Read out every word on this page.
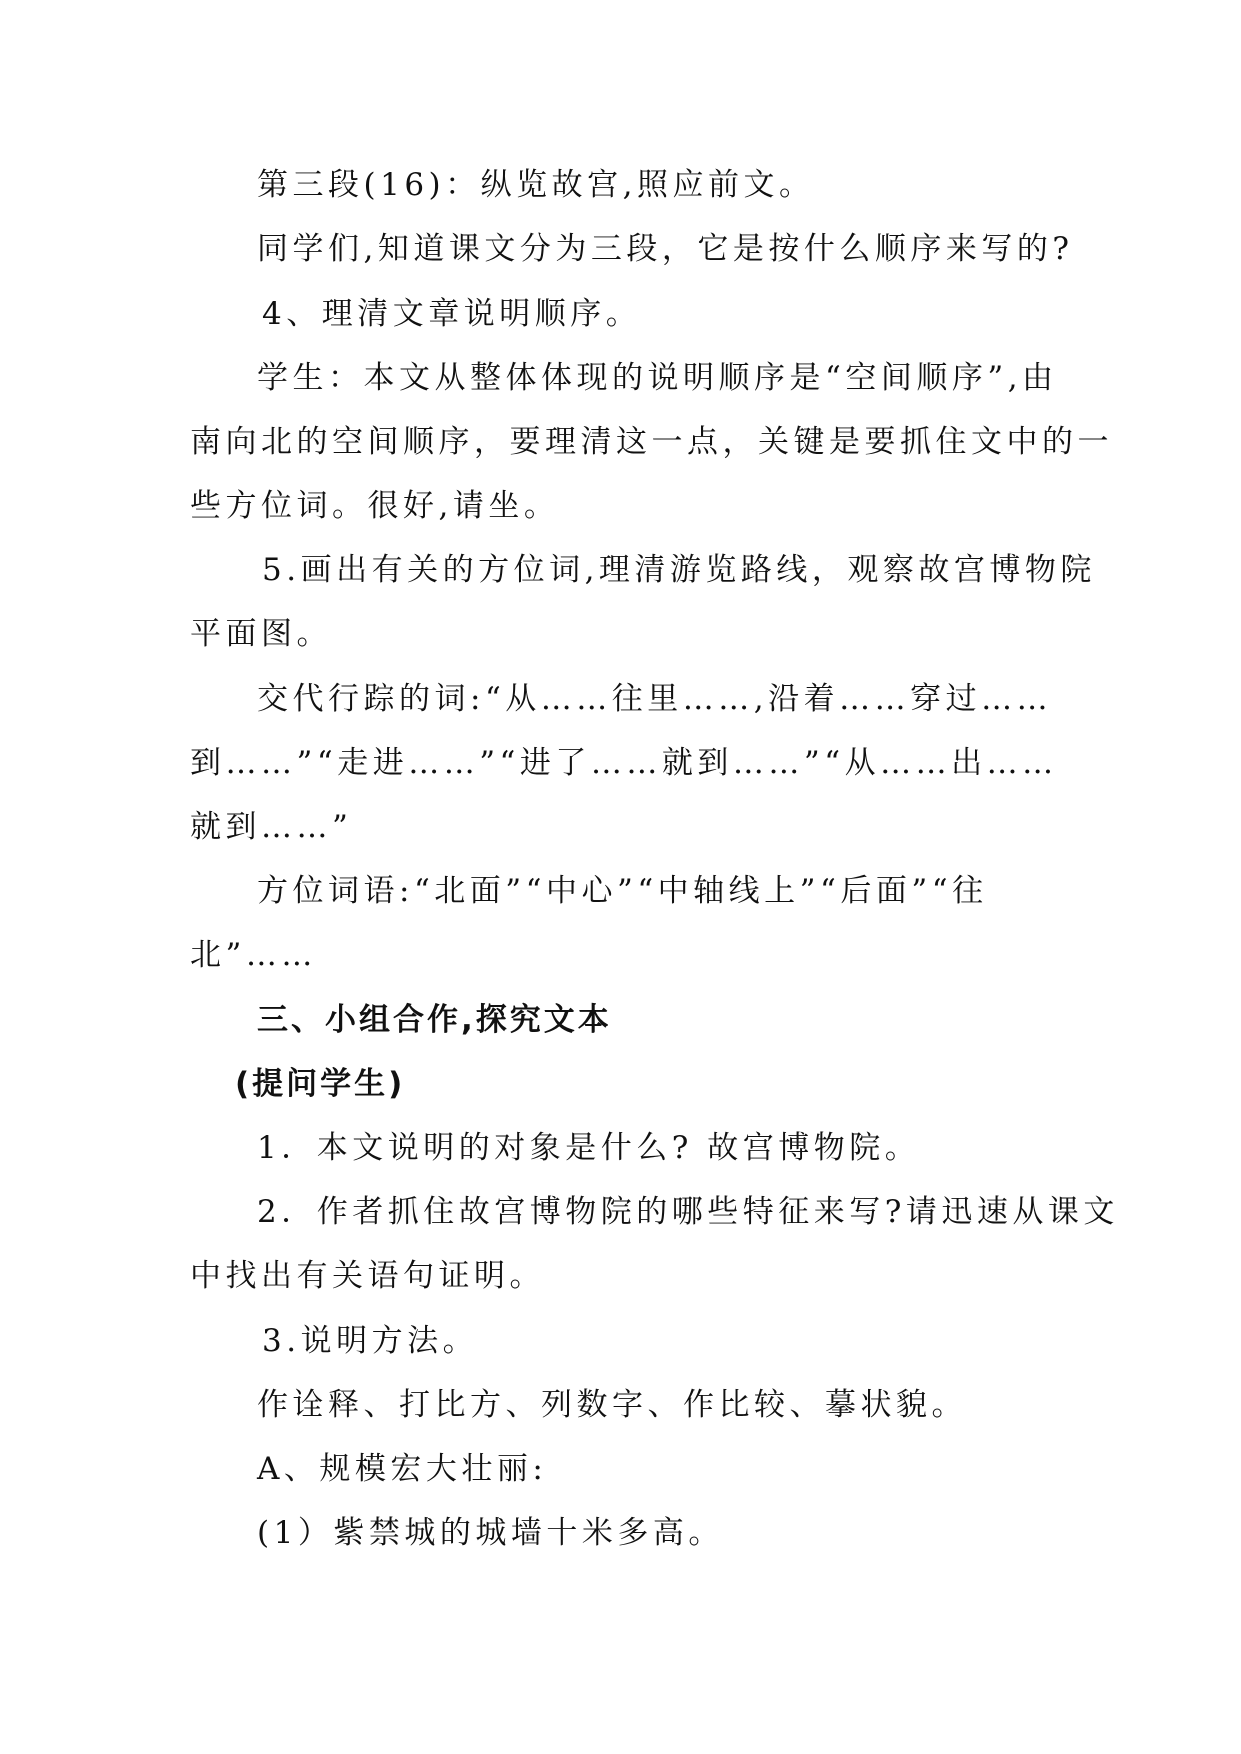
第三段(16)：纵览故宫,照应前文。

同学们,知道课文分为三段，它是按什么顺序来写的?

4、理清文章说明顺序。

学生：本文从整体体现的说明顺序是“空间顺序”,由

南向北的空间顺序，要理清这一点，关键是要抓住文中的一

些方位词。很好,请坐。

5.画出有关的方位词,理清游览路线，观察故宫博物院

平面图。

交代行踪的词:“从……往里……,沿着……穿过……

到……”“走进……”“进了……就到……”“从……出……

就到……”

方位词语:“北面”“中心”“中轴线上”“后面”“往

北”……

三、小组合作,探究文本

(提问学生)

1．本文说明的对象是什么? 故宫博物院。

2．作者抓住故宫博物院的哪些特征来写?请迅速从课文

中找出有关语句证明。

3.说明方法。

作诠释、打比方、列数字、作比较、摹状貌。

A、规模宏大壮丽:

(1）紫禁城的城墙十米多高。
